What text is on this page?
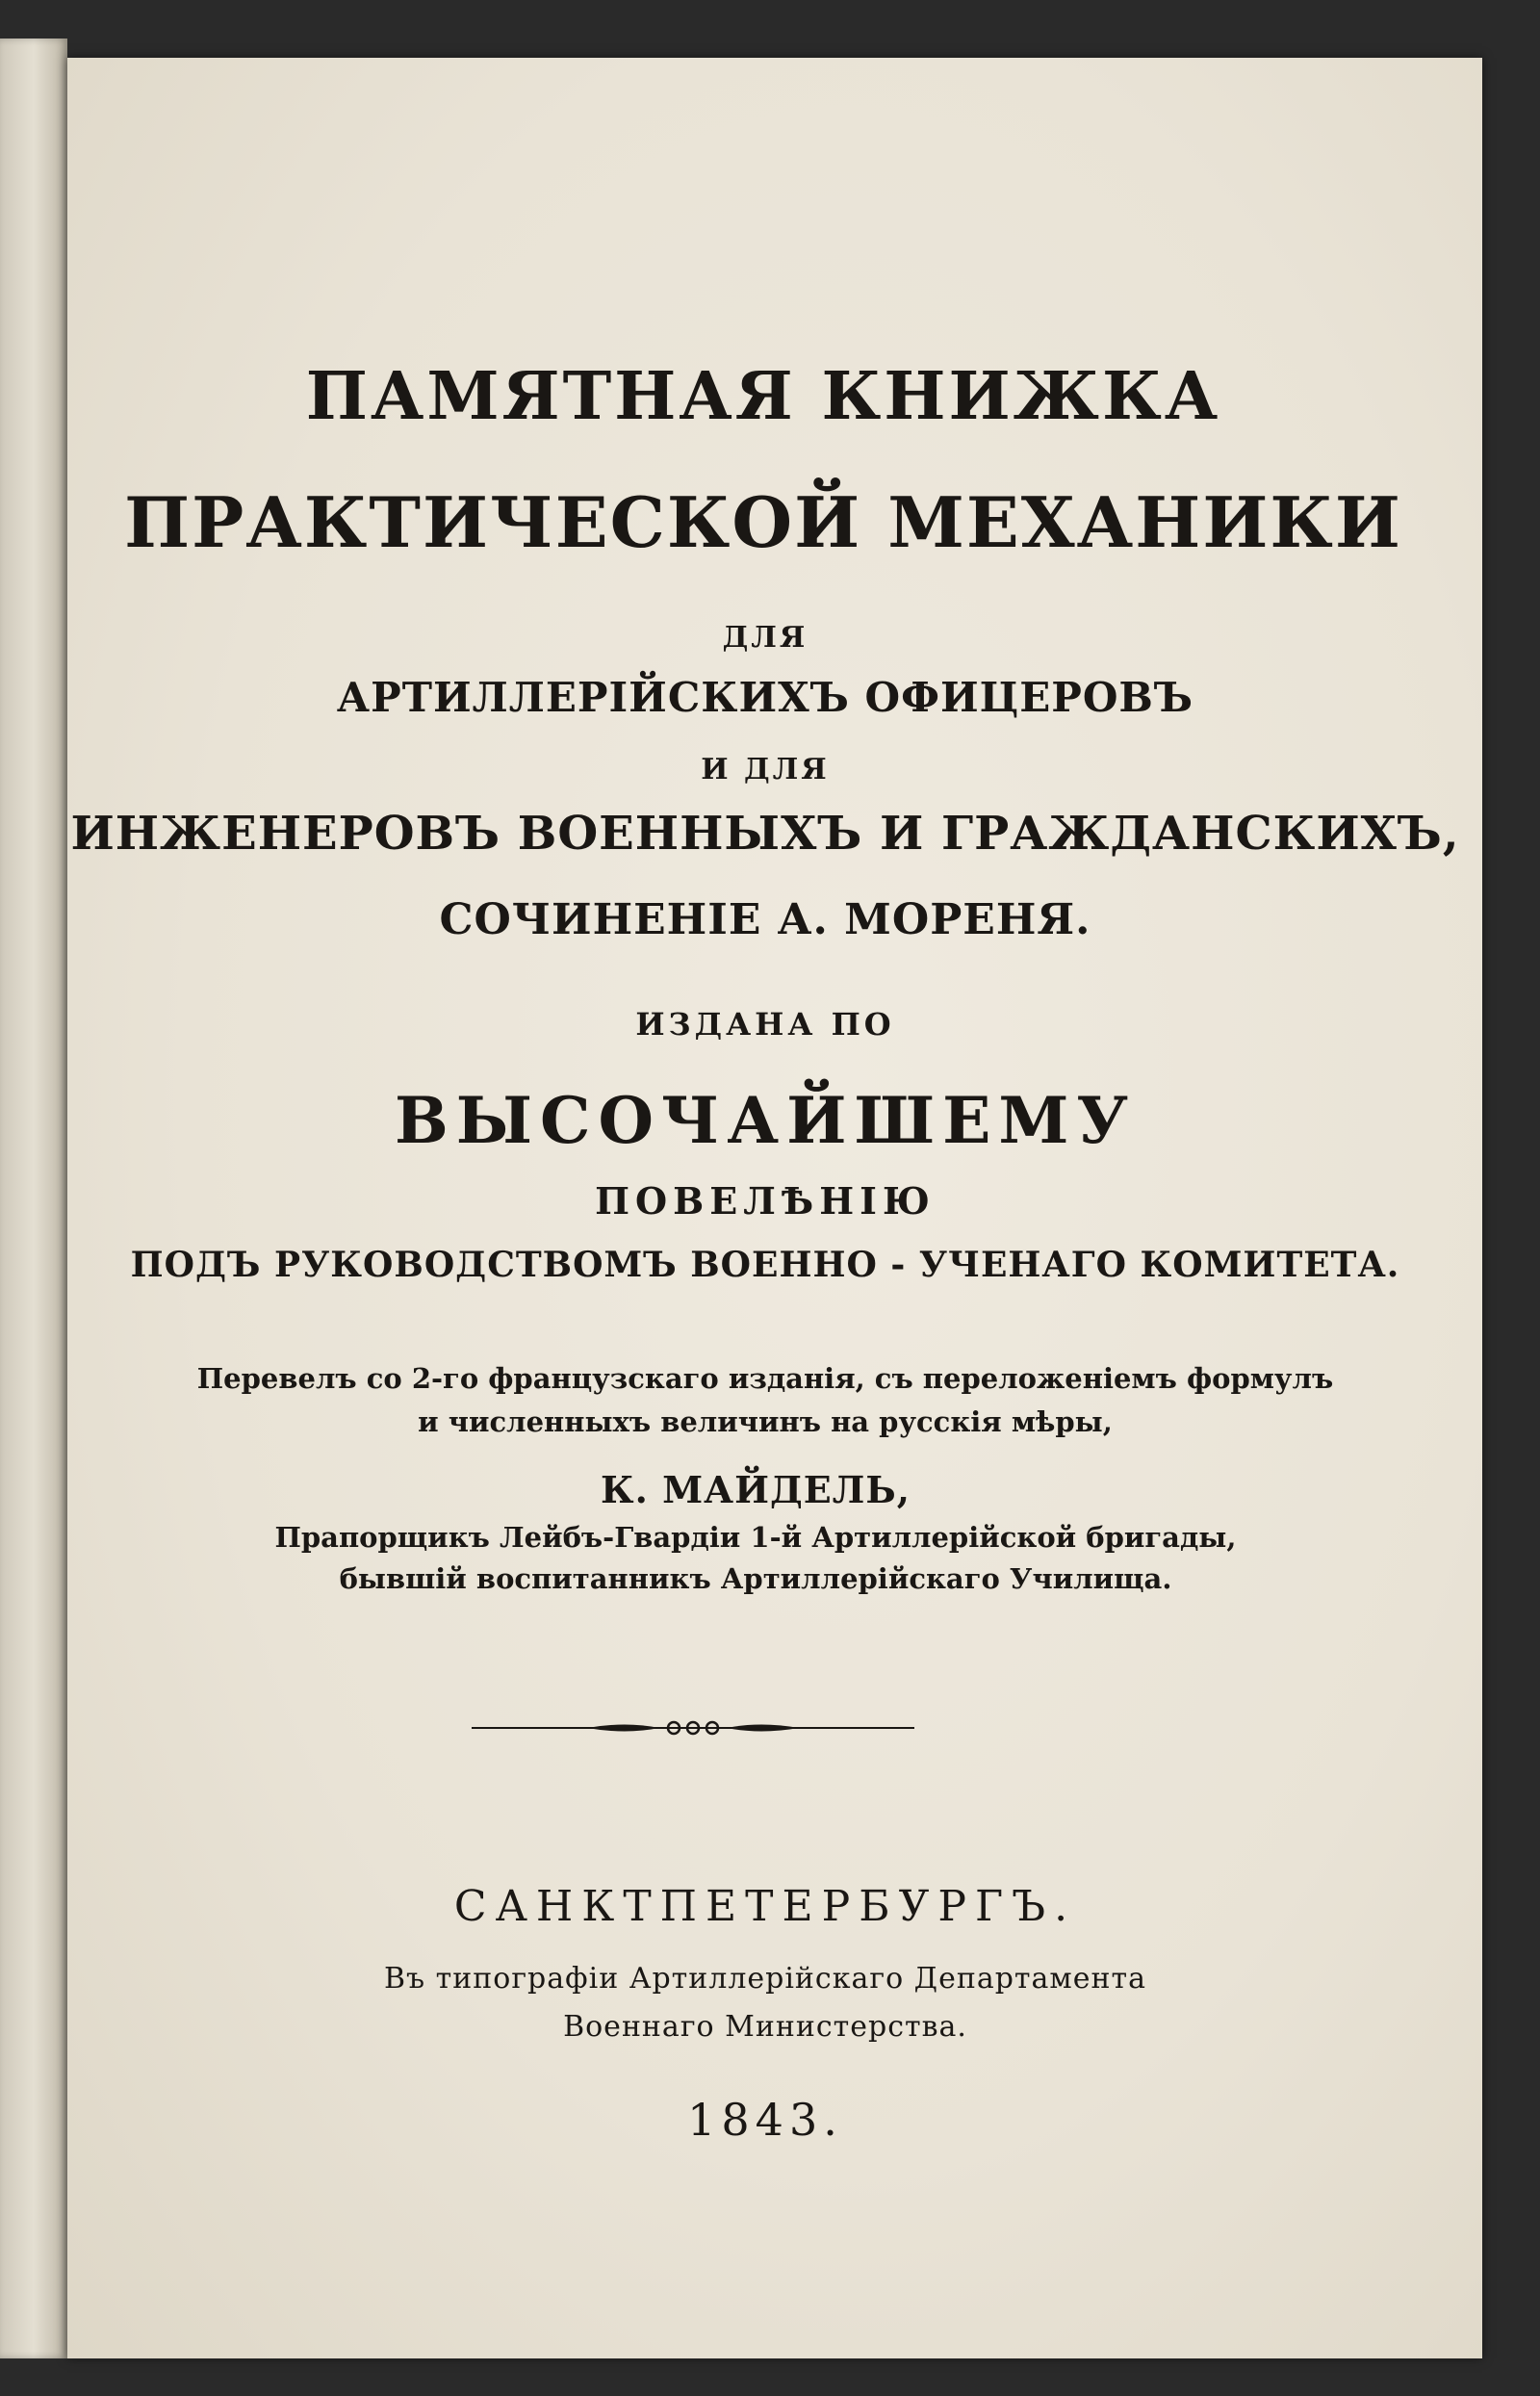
ПАМЯТНАЯ КНИЖКА
ПРАКТИЧЕСКОЙ МЕХАНИКИ
ДЛЯ
АРТИЛЛЕРІЙСКИХЪ ОФИЦЕРОВЪ
И ДЛЯ
ИНЖЕНЕРОВЪ ВОЕННЫХЪ И ГРАЖДАНСКИХЪ,
СОЧИНЕНІЕ А. МОРЕНЯ.
ИЗДАНА ПО
ВЫСОЧАЙШЕМУ
ПОВЕЛѢНІЮ
ПОДЪ РУКОВОДСТВОМЪ ВОЕННО - УЧЕНАГО КОМИТЕТА.
Перевелъ со 2-го французскаго изданія, съ переложеніемъ формулъ
и численныхъ величинъ на русскія мѣры,
К. МАЙДЕЛЬ,
Прапорщикъ Лейбъ-Гвардіи 1-й Артиллерійской бригады,
бывшій воспитанникъ Артиллерійскаго Училища.
САНКТПЕТЕРБУРГЪ.
Въ типографіи Артиллерійскаго Департамента
Военнаго Министерства.
1843.
